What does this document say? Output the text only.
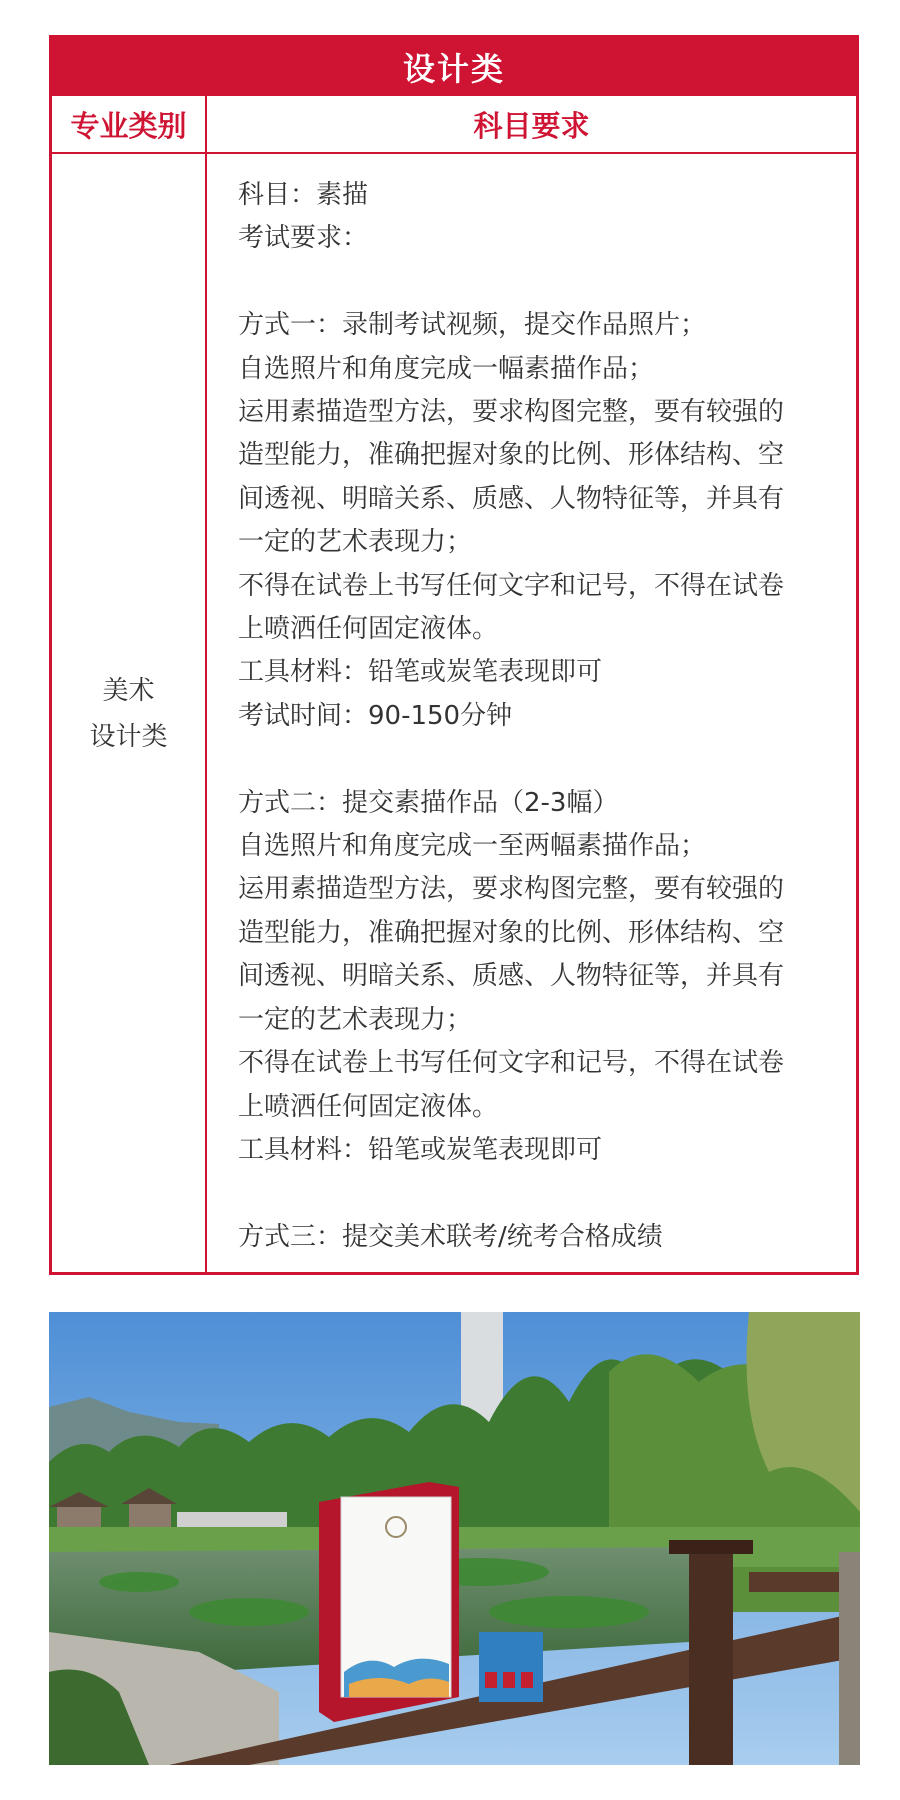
设计类
专业类别	科目要求
美术
设计类
科目：素描
考试要求：
方式一：录制考试视频，提交作品照片；
自选照片和角度完成一幅素描作品；
运用素描造型方法，要求构图完整，要有较强的
造型能力，准确把握对象的比例、形体结构、空
间透视、明暗关系、质感、人物特征等，并具有
一定的艺术表现力；
不得在试卷上书写任何文字和记号，不得在试卷
上喷洒任何固定液体。
工具材料：铅笔或炭笔表现即可
考试时间：90-150分钟
方式二：提交素描作品（2-3幅）
自选照片和角度完成一至两幅素描作品；
运用素描造型方法，要求构图完整，要有较强的
造型能力，准确把握对象的比例、形体结构、空
间透视、明暗关系、质感、人物特征等，并具有
一定的艺术表现力；
不得在试卷上书写任何文字和记号，不得在试卷
上喷洒任何固定液体。
工具材料：铅笔或炭笔表现即可
方式三：提交美术联考/统考合格成绩
